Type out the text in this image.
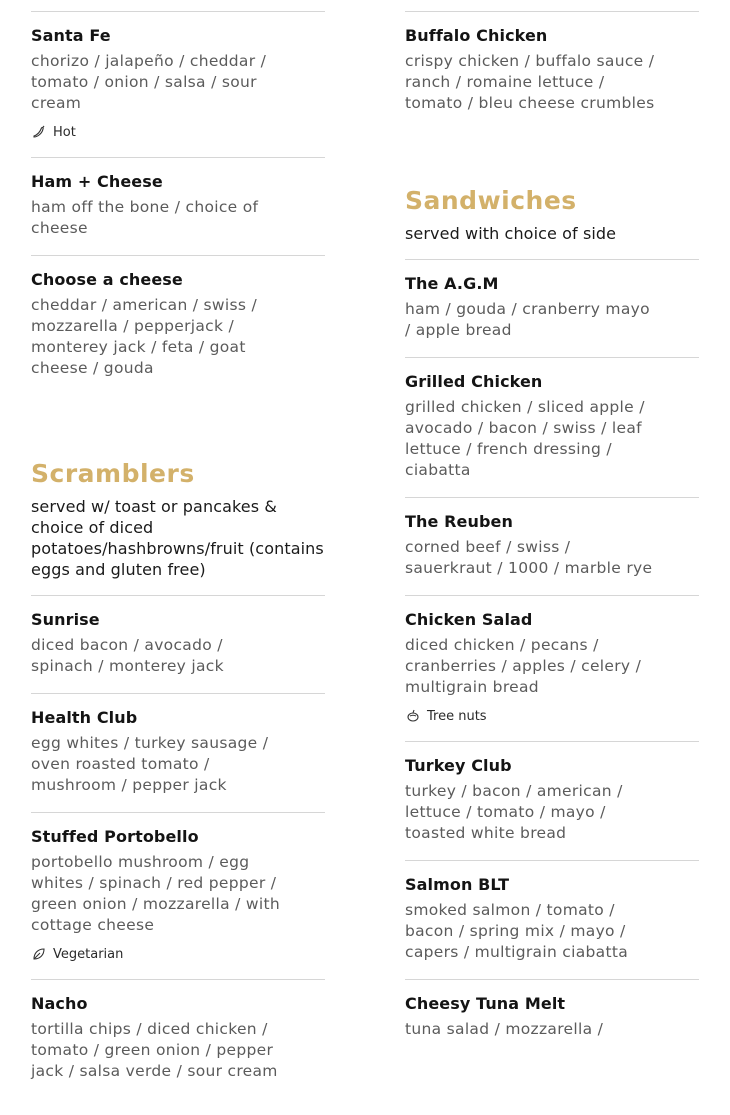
Santa Fe
chorizo / jalapeño / cheddar / tomato / onion / salsa / sour cream
Hot
Ham + Cheese
ham off the bone / choice of cheese
Choose a cheese
cheddar / american / swiss / mozzarella / pepperjack / monterey jack / feta / goat cheese / gouda
Scramblers
served w/ toast or pancakes & choice of diced potatoes/hashbrowns/fruit (contains eggs and gluten free)
Sunrise
diced bacon / avocado / spinach / monterey jack
Health Club
egg whites / turkey sausage / oven roasted tomato / mushroom / pepper jack
Stuffed Portobello
portobello mushroom / egg whites / spinach / red pepper / green onion / mozzarella / with cottage cheese
Vegetarian
Nacho
tortilla chips / diced chicken / tomato / green onion / pepper jack / salsa verde / sour cream
Buffalo Chicken
crispy chicken / buffalo sauce / ranch / romaine lettuce / tomato / bleu cheese crumbles
Sandwiches
served with choice of side
The A.G.M
ham / gouda / cranberry mayo / apple bread
Grilled Chicken
grilled chicken / sliced apple / avocado / bacon / swiss / leaf lettuce / french dressing / ciabatta
The Reuben
corned beef / swiss / sauerkraut / 1000 / marble rye
Chicken Salad
diced chicken / pecans / cranberries / apples / celery / multigrain bread
Tree nuts
Turkey Club
turkey / bacon / american / lettuce / tomato / mayo / toasted white bread
Salmon BLT
smoked salmon / tomato / bacon / spring mix / mayo / capers / multigrain ciabatta
Cheesy Tuna Melt
tuna salad / mozzarella /
